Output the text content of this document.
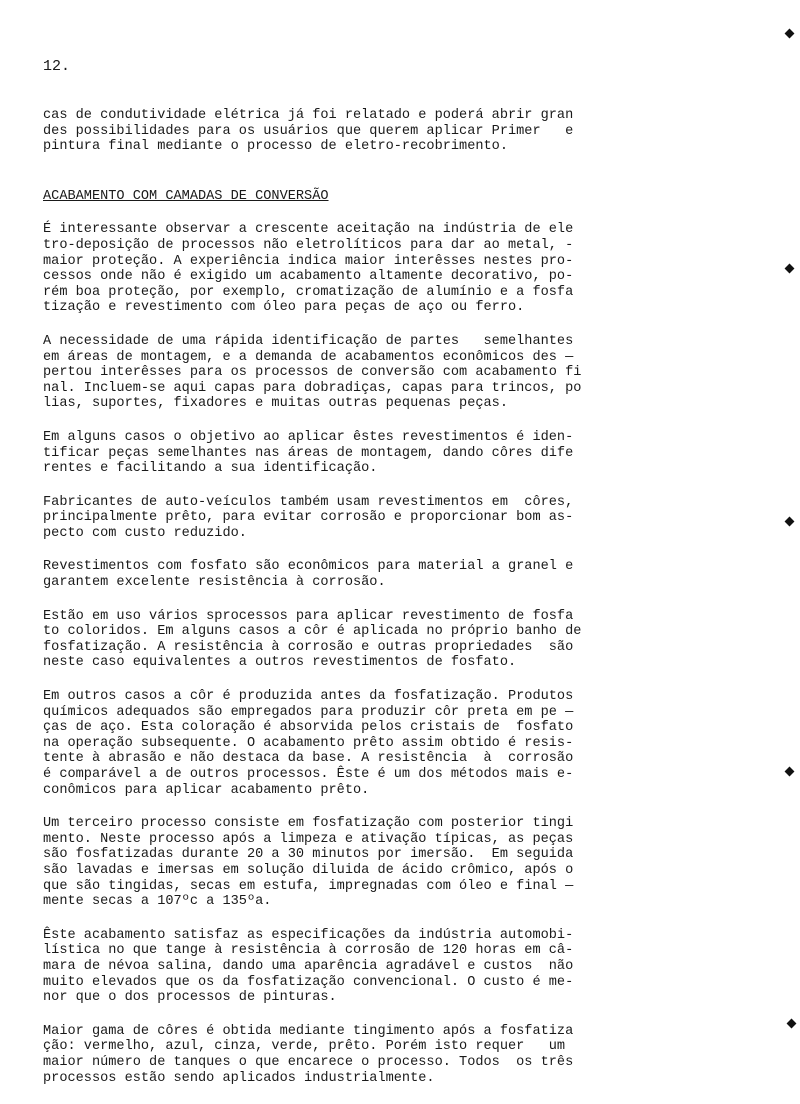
12.

cas de condutividade elétrica já foi relatado e poderá abrir gran
des possibilidades para os usuários que querem aplicar Primer   e
pintura final mediante o processo de eletro-recobrimento.

ACABAMENTO COM CAMADAS DE CONVERSÃO

É interessante observar a crescente aceitação na indústria de ele
tro-deposição de processos não eletrolíticos para dar ao metal, -
maior proteção. A experiência indica maior interêsses nestes pro-
cessos onde não é exigido um acabamento altamente decorativo, po-
rém boa proteção, por exemplo, cromatização de alumínio e a fosfa
tização e revestimento com óleo para peças de aço ou ferro.

A necessidade de uma rápida identificação de partes   semelhantes
em áreas de montagem, e a demanda de acabamentos econômicos des —
pertou interêsses para os processos de conversão com acabamento fi
nal. Incluem-se aqui capas para dobradiças, capas para trincos, po
lias, suportes, fixadores e muitas outras pequenas peças.

Em alguns casos o objetivo ao aplicar êstes revestimentos é iden-
tificar peças semelhantes nas áreas de montagem, dando côres dife
rentes e facilitando a sua identificação.

Fabricantes de auto-veículos também usam revestimentos em  côres,
principalmente prêto, para evitar corrosão e proporcionar bom as-
pecto com custo reduzido.

Revestimentos com fosfato são econômicos para material a granel e
garantem excelente resistência à corrosão.

Estão em uso vários sprocessos para aplicar revestimento de fosfa
to coloridos. Em alguns casos a côr é aplicada no próprio banho de
fosfatização. A resistência à corrosão e outras propriedades  são
neste caso equivalentes a outros revestimentos de fosfato.

Em outros casos a côr é produzida antes da fosfatização. Produtos
químicos adequados são empregados para produzir côr preta em pe —
ças de aço. Esta coloração é absorvida pelos cristais de  fosfato
na operação subsequente. O acabamento prêto assim obtido é resis-
tente à abrasão e não destaca da base. A resistência  à  corrosão
é comparável a de outros processos. Êste é um dos métodos mais e-
conômicos para aplicar acabamento prêto.

Um terceiro processo consiste em fosfatização com posterior tingi
mento. Neste processo após a limpeza e ativação típicas, as peças
são fosfatizadas durante 20 a 30 minutos por imersão.  Em seguida
são lavadas e imersas em solução diluida de ácido crômico, após o
que são tingidas, secas em estufa, impregnadas com óleo e final —
mente secas a 107ºc a 135ºa.

Êste acabamento satisfaz as especificações da indústria automobi-
lística no que tange à resistência à corrosão de 120 horas em câ-
mara de névoa salina, dando uma aparência agradável e custos  não
muito elevados que os da fosfatização convencional. O custo é me-
nor que o dos processos de pinturas.

Maior gama de côres é obtida mediante tingimento após a fosfatiza
ção: vermelho, azul, cinza, verde, prêto. Porém isto requer   um
maior número de tanques o que encarece o processo. Todos  os três
processos estão sendo aplicados industrialmente.
